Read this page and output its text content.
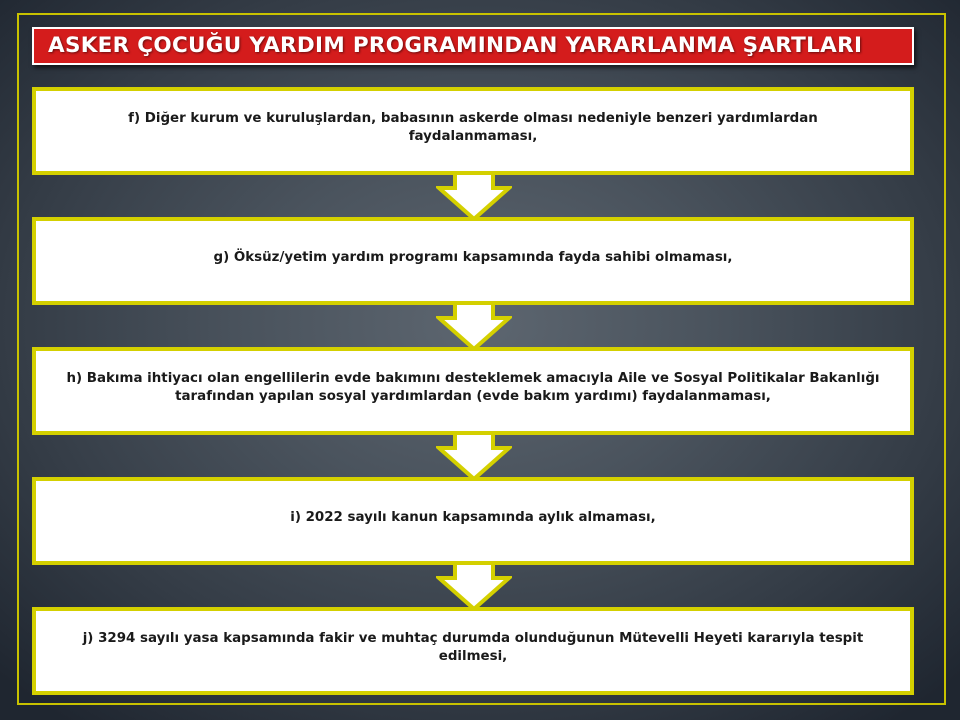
ASKER ÇOCUĞU YARDIM PROGRAMINDAN YARARLANMA ŞARTLARI
f) Diğer kurum ve kuruluşlardan, babasının askerde olması nedeniyle benzeri yardımlardan faydalanmaması,
g) Öksüz/yetim yardım programı kapsamında fayda sahibi olmaması,
h) Bakıma ihtiyacı olan engellilerin evde bakımını desteklemek amacıyla Aile ve Sosyal Politikalar Bakanlığı tarafından yapılan sosyal yardımlardan (evde bakım yardımı) faydalanmaması,
i) 2022 sayılı kanun kapsamında aylık almaması,
j) 3294 sayılı yasa kapsamında fakir ve muhtaç durumda olunduğunun Mütevelli Heyeti kararıyla tespit edilmesi,
